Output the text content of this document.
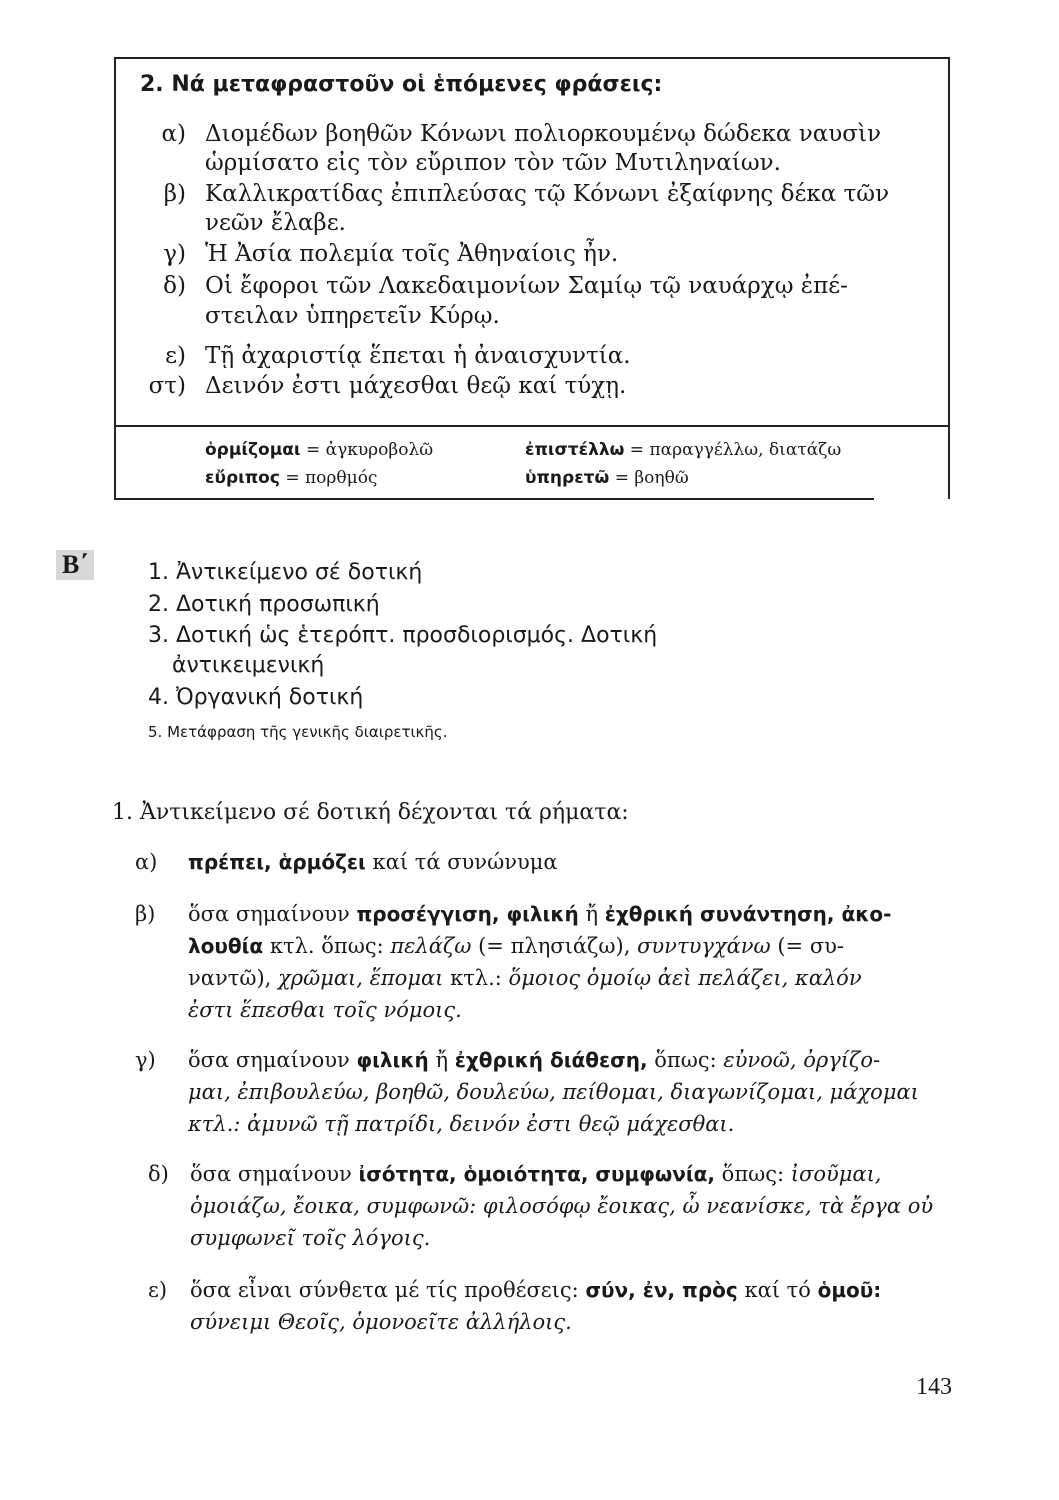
2. Νά μεταφραστοῦν οἱ ἑπόμενες φράσεις:
α) Διομέδων βοηθῶν Κόνωνι πολιορκουμένῳ δώδεκα ναυσὶν
ὡρμίσατο εἰς τὸν εὔριπον τὸν τῶν Μυτιληναίων.
β) Καλλικρατίδας ἐπιπλεύσας τῷ Κόνωνι ἐξαίφνης δέκα τῶν
νεῶν ἔλαβε.
γ) Ἡ Ἀσία πολεμία τοῖς Ἀθηναίοις ἦν.
δ) Οἱ ἔφοροι τῶν Λακεδαιμονίων Σαμίῳ τῷ ναυάρχῳ ἐπέ-
στειλαν ὑπηρετεῖν Κύρῳ.
ε) Τῇ ἀχαριστίᾳ ἕπεται ἡ ἀναισχυντία.
στ) Δεινόν ἐστι μάχεσθαι θεῷ καί τύχῃ.
ὁρμίζομαι = ἀγκυροβολῶ
εὔριπος = πορθμός
ἐπιστέλλω = παραγγέλλω, διατάζω
ὑπηρετῶ = βοηθῶ
B΄	1. Ἀντικείμενο σέ δοτική
2. Δοτική προσωπική
3. Δοτική ὡς ἑτερόπτ. προσδιορισμός. Δοτική
ἀντικειμενική
4. Ὀργανική δοτική
5. Μετάφραση τῆς γενικῆς διαιρετικῆς.
1. Ἀντικείμενο σέ δοτική δέχονται τά ρήματα:
α) πρέπει, ἁρμόζει καί τά συνώνυμα
β) ὅσα σημαίνουν προσέγγιση, φιλική ἤ ἐχθρική συνάντηση, ἀκο-
λουθία κτλ. ὅπως: πελάζω (= πλησιάζω), συντυγχάνω (= συ-
ναντῶ), χρῶμαι, ἕπομαι κτλ.: ὅμοιος ὁμοίῳ ἀεὶ πελάζει, καλόν
ἐστι ἕπεσθαι τοῖς νόμοις.
γ) ὅσα σημαίνουν φιλική ἤ ἐχθρική διάθεση, ὅπως: εὐνοῶ, ὀργίζο-
μαι, ἐπιβουλεύω, βοηθῶ, δουλεύω, πείθομαι, διαγωνίζομαι, μάχομαι
κτλ.: ἀμυνῶ τῇ πατρίδι, δεινόν ἐστι θεῷ μάχεσθαι.
δ) ὅσα σημαίνουν ἰσότητα, ὁμοιότητα, συμφωνία, ὅπως: ἰσοῦμαι,
ὁμοιάζω, ἔοικα, συμφωνῶ: φιλοσόφῳ ἔοικας, ὦ νεανίσκε, τὰ ἔργα οὐ
συμφωνεῖ τοῖς λόγοις.
ε) ὅσα εἶναι σύνθετα μέ τίς προθέσεις: σύν, ἐν, πρὸς καί τό ὁμοῦ:
σύνειμι Θεοῖς, ὁμονοεῖτε ἀλλήλοις.
143
